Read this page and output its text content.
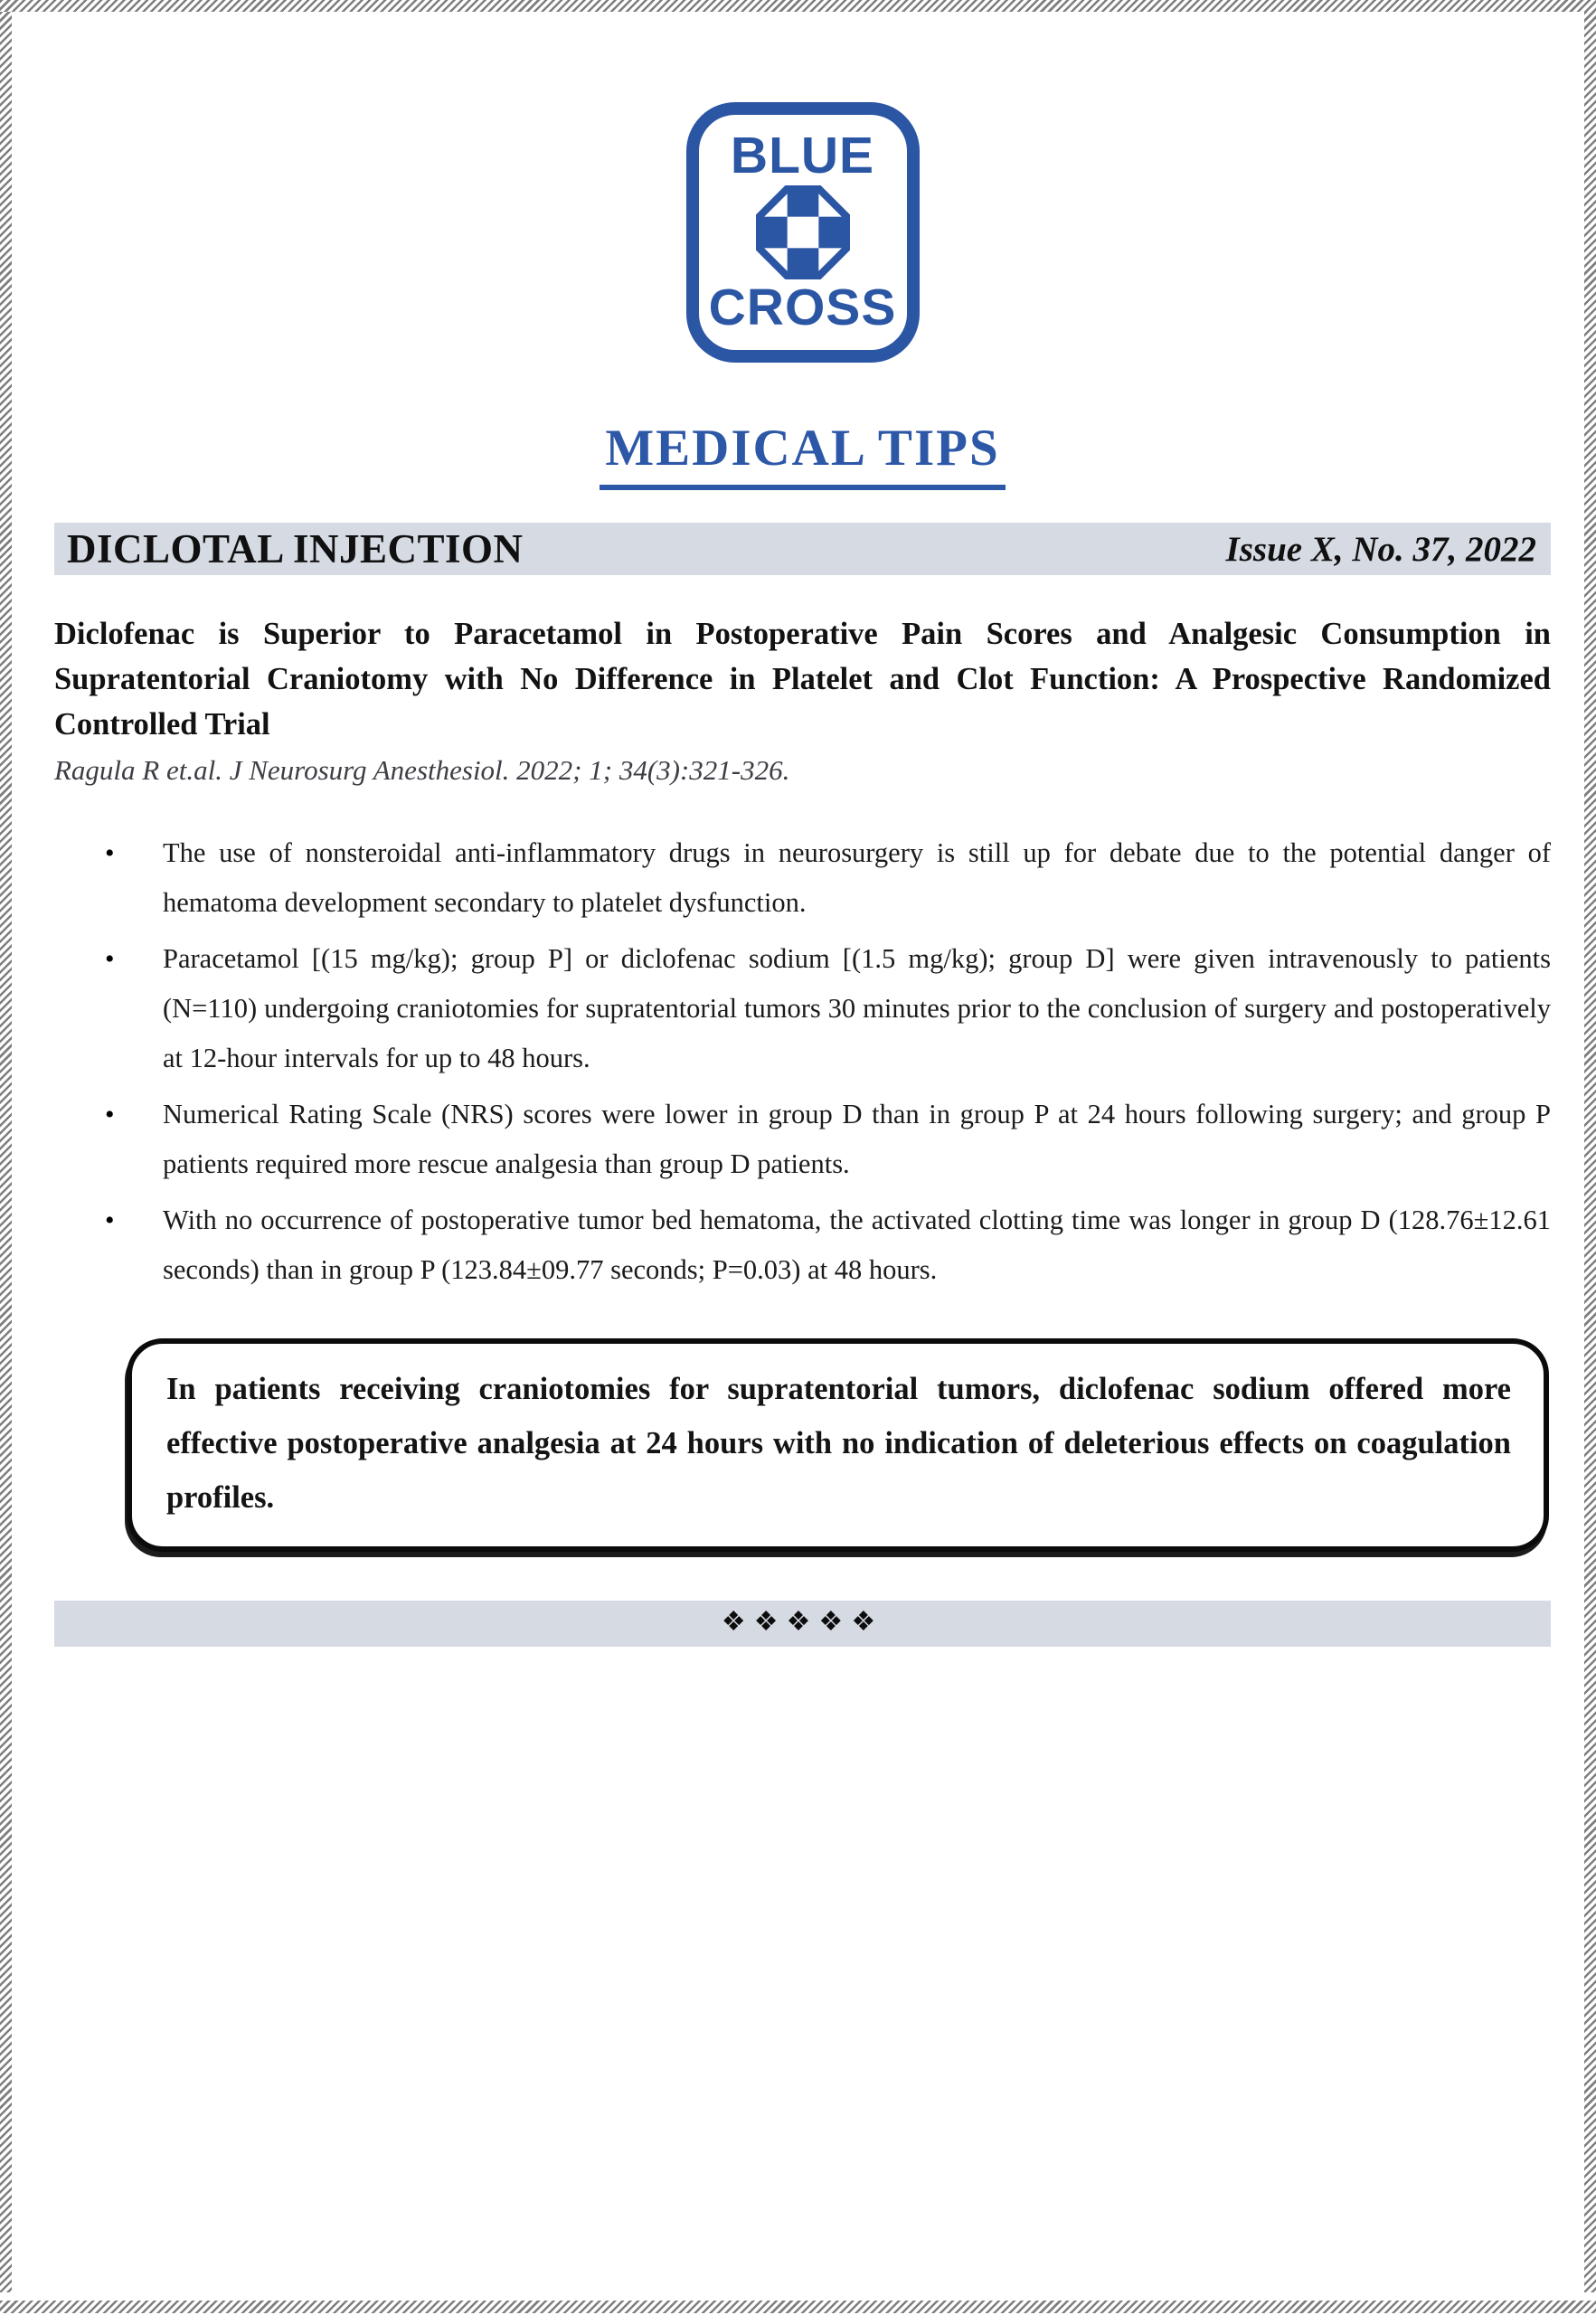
BLUE
CROSS
MEDICAL TIPS
DICLOTAL INJECTION	Issue X, No. 37, 2022

Diclofenac is Superior to Paracetamol in Postoperative Pain Scores and Analgesic Consumption in Supratentorial Craniotomy with No Difference in Platelet and Clot Function: A Prospective Randomized Controlled Trial

Ragula R et.al. J Neurosurg Anesthesiol. 2022; 1; 34(3):321-326.

• The use of nonsteroidal anti-inflammatory drugs in neurosurgery is still up for debate due to the potential danger of hematoma development secondary to platelet dysfunction.
• Paracetamol [(15 mg/kg); group P] or diclofenac sodium [(1.5 mg/kg); group D] were given intravenously to patients (N=110) undergoing craniotomies for supratentorial tumors 30 minutes prior to the conclusion of surgery and postoperatively at 12-hour intervals for up to 48 hours.
• Numerical Rating Scale (NRS) scores were lower in group D than in group P at 24 hours following surgery; and group P patients required more rescue analgesia than group D patients.
• With no occurrence of postoperative tumor bed hematoma, the activated clotting time was longer in group D (128.76±12.61 seconds) than in group P (123.84±09.77 seconds; P=0.03) at 48 hours.

In patients receiving craniotomies for supratentorial tumors, diclofenac sodium offered more effective postoperative analgesia at 24 hours with no indication of deleterious effects on coagulation profiles.

❖❖❖❖❖
